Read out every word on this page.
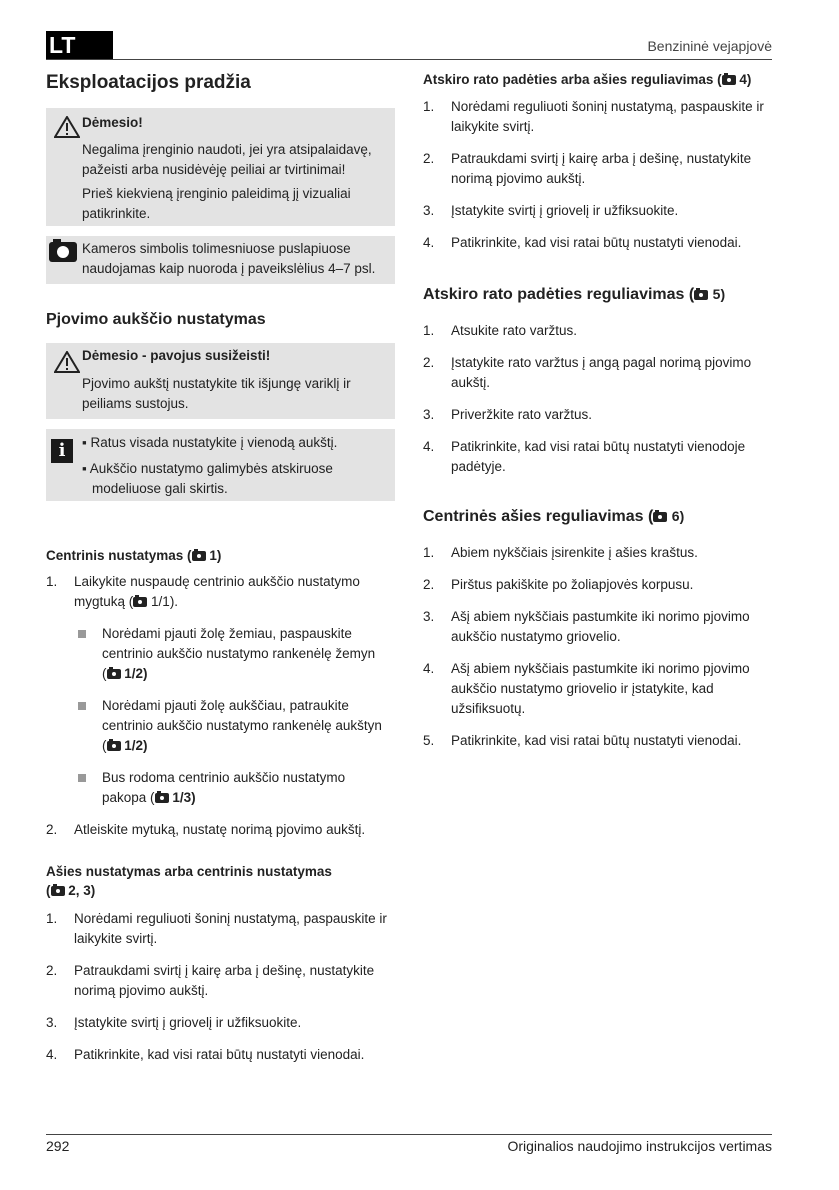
LT	Benzininė vejapjovė
Eksploatacijos pradžia
Dėmesio!
Negalima įrenginio naudoti, jei yra atsipalaidavę, pažeisti arba nusidėvėję peiliai ar tvirtinimai!
Prieš kiekvieną įrenginio paleidimą jį vizualiai patikrinkite.
Kameros simbolis tolimesniuose puslapiuose naudojamas kaip nuoroda į paveikslėlius 4–7 psl.
Pjovimo aukščio nustatymas
Dėmesio - pavojus susižeisti!
Pjovimo aukštį nustatykite tik išjungę variklį ir peiliams sustojus.
i	▪ Ratus visada nustatykite į vienodą aukštį.
▪ Aukščio nustatymo galimybės atskiruose modeliuose gali skirtis.
Centrinis nustatymas ( 1)
1. Laikykite nuspaudę centrinio aukščio nustatymo mygtuką ( 1/1).
Norėdami pjauti žolę žemiau, paspauskite centrinio aukščio nustatymo rankenėlę žemyn
( 1/2)
Norėdami pjauti žolę aukščiau, patraukite centrinio aukščio nustatymo rankenėlę aukštyn
( 1/2)
Bus rodoma centrinio aukščio nustatymo pakopa ( 1/3)
2. Atleiskite mytuką, nustatę norimą pjovimo aukštį.
Ašies nustatymas arba centrinis nustatymas
( 2, 3)
1. Norėdami reguliuoti šoninį nustatymą, paspauskite ir laikykite svirtį.
2. Patraukdami svirtį į kairę arba į dešinę, nustatykite norimą pjovimo aukštį.
3. Įstatykite svirtį į griovelį ir užfiksuokite.
4. Patikrinkite, kad visi ratai būtų nustatyti vienodai.
Atskiro rato padėties arba ašies reguliavimas ( 4)
1. Norėdami reguliuoti šoninį nustatymą, paspauskite ir laikykite svirtį.
2. Patraukdami svirtį į kairę arba į dešinę, nustatykite norimą pjovimo aukštį.
3. Įstatykite svirtį į griovelį ir užfiksuokite.
4. Patikrinkite, kad visi ratai būtų nustatyti vienodai.
Atskiro rato padėties reguliavimas ( 5)
1. Atsukite rato varžtus.
2. Įstatykite rato varžtus į angą pagal norimą pjovimo aukštį.
3. Priveržkite rato varžtus.
4. Patikrinkite, kad visi ratai būtų nustatyti vienodoje padėtyje.
Centrinės ašies reguliavimas ( 6)
1. Abiem nykščiais įsirenkite į ašies kraštus.
2. Pirštus pakiškite po žoliapjovės korpusu.
3. Ašį abiem nykščiais pastumkite iki norimo pjovimo aukščio nustatymo griovelio.
4. Ašį abiem nykščiais pastumkite iki norimo pjovimo aukščio nustatymo griovelio ir įstatykite, kad užsifiksuotų.
5. Patikrinkite, kad visi ratai būtų nustatyti vienodai.
292	Originalios naudojimo instrukcijos vertimas
